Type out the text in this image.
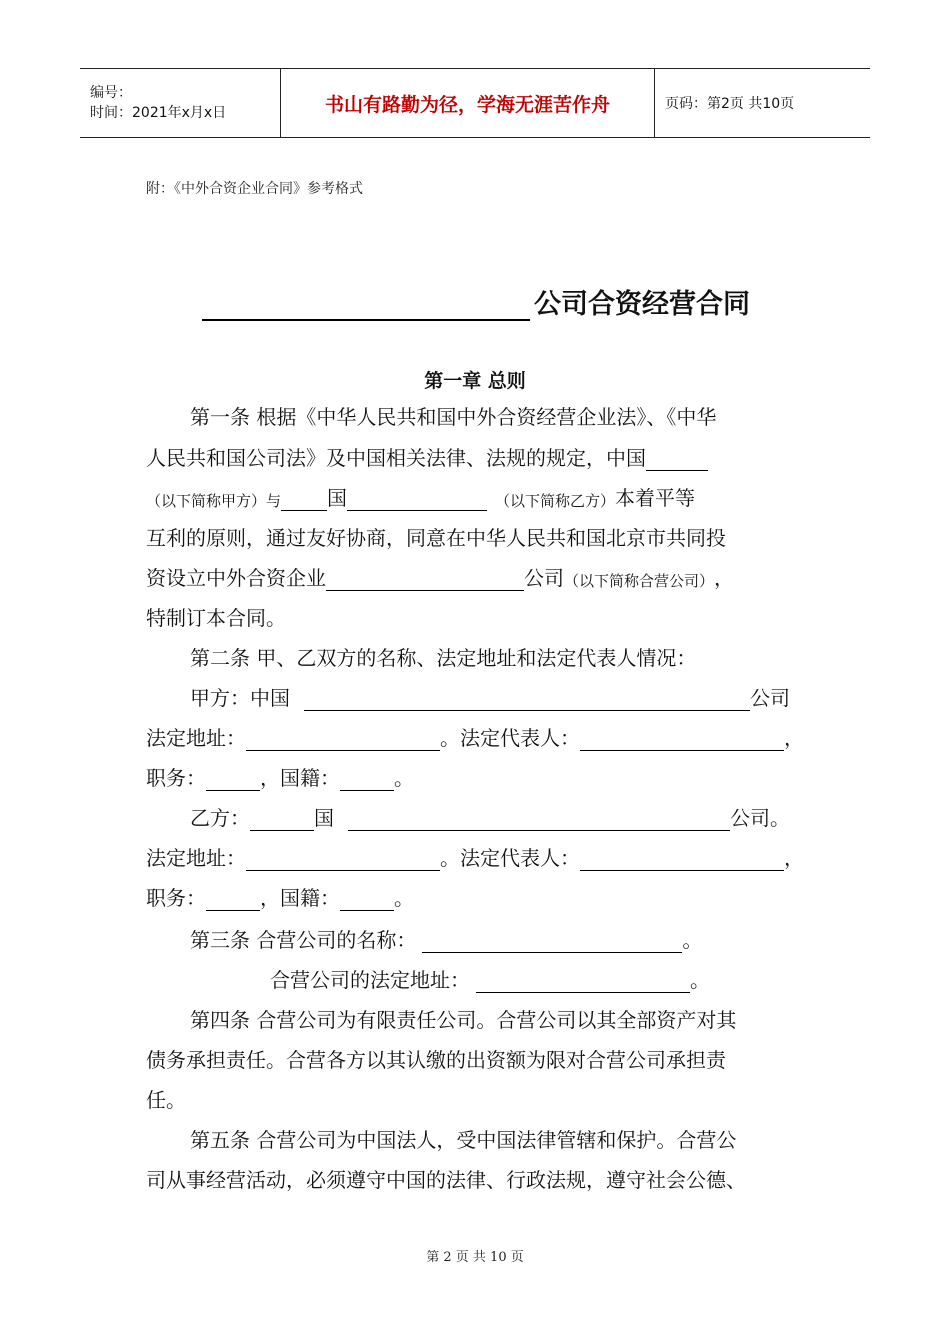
编号：
时间：2021年x月x日	书山有路勤为径，学海无涯苦作舟	页码：第2页 共10页
附：《中外合资企业合同》参考格式
公司合资经营合同
第一章 总则
第一条 根据《中华人民共和国中外合资经营企业法》、《中华
人民共和国公司法》及中国相关法律、法规的规定，中国
（以下简称甲方）与 国	（以下简称乙方） 本着平等
互利的原则，通过友好协商，同意在中华人民共和国北京市共同投
资设立中外合资企业	公司 （以下简称合营公司） ，
特制订本合同。
第二条 甲、乙双方的名称、法定地址和法定代表人情况：
甲方：中国	公司
法定地址：	。法定代表人：	，
职务：	，国籍：	。
乙方：	国	公司。
法定地址：	。法定代表人：	，
职务：	，国籍：	。
第三条 合营公司的名称：	。
合营公司的法定地址：	。
第四条 合营公司为有限责任公司。合营公司以其全部资产对其
债务承担责任。合营各方以其认缴的出资额为限对合营公司承担责
任。
第五条 合营公司为中国法人，受中国法律管辖和保护。合营公
司从事经营活动，必须遵守中国的法律、行政法规，遵守社会公德、
第 2 页 共 10 页
